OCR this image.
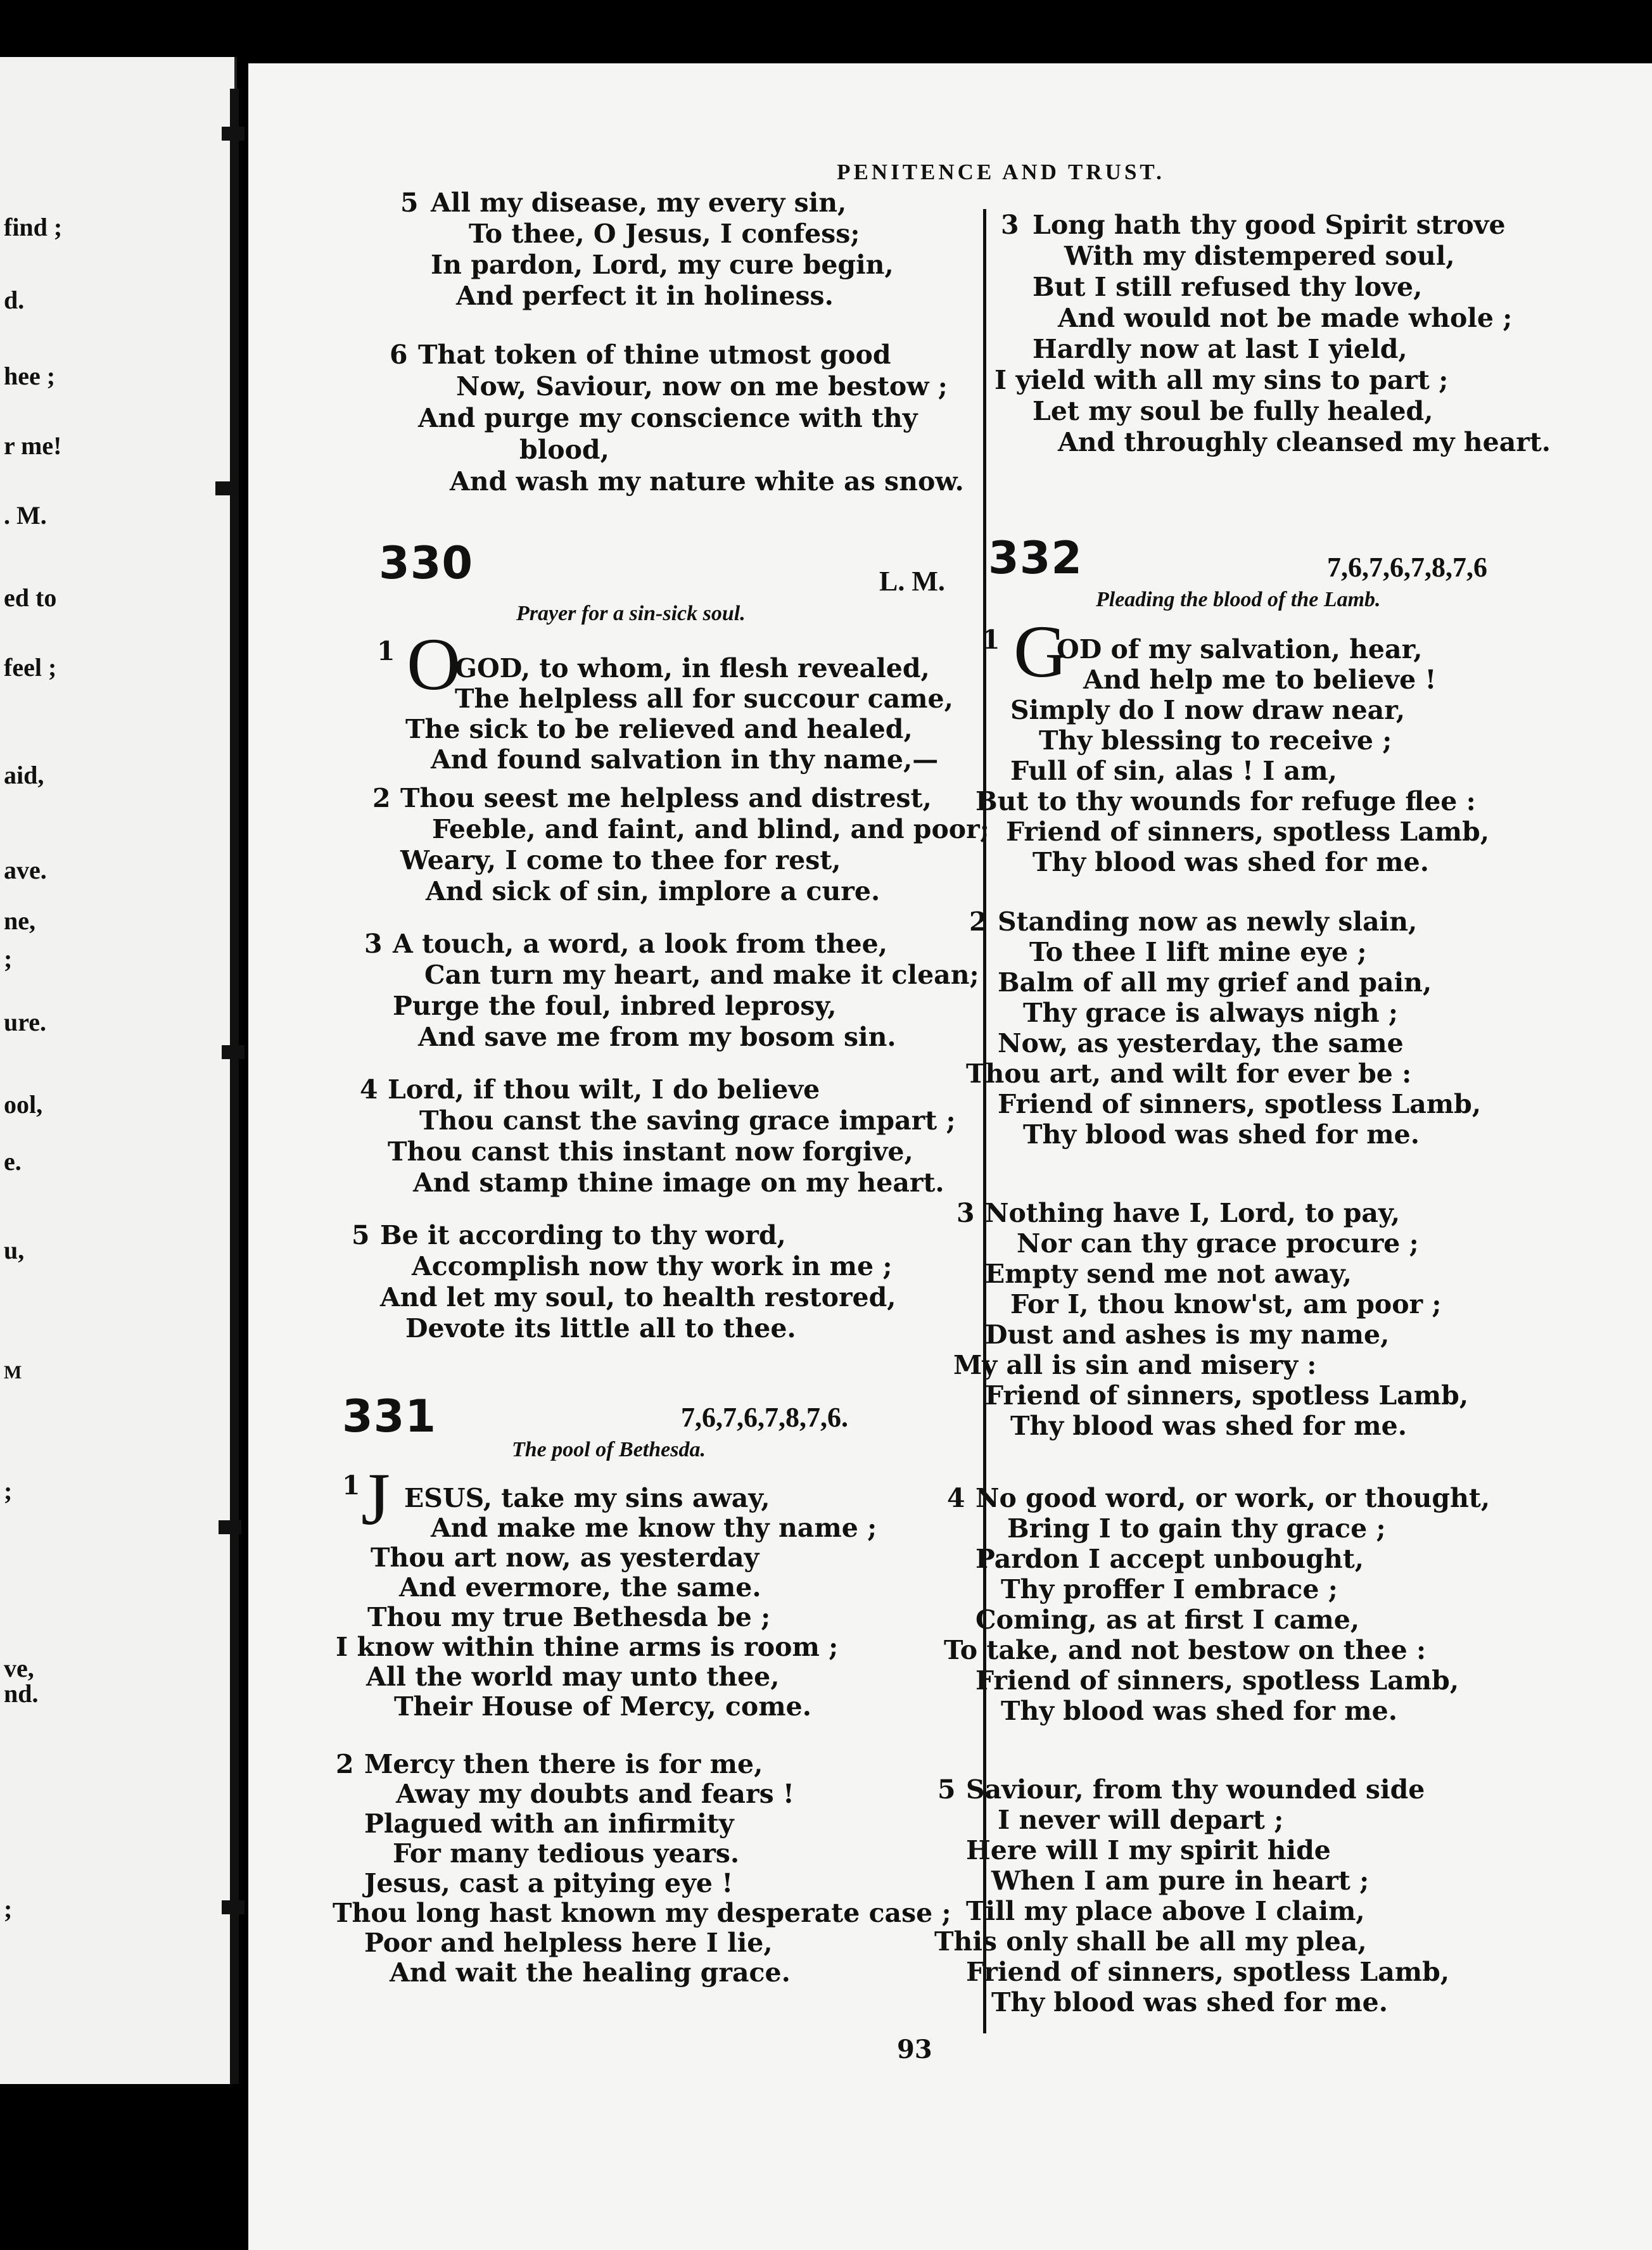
PENITENCE AND TRUST.
93
find ;
d.
hee ;
r me!
. M.
ed to
feel ;
aid,
ave.
ne,
;
ure.
ool,
e.
u,
M
;
ve,
nd.
;
5 All my disease, my every sin,
To thee, O Jesus, I confess;
In pardon, Lord, my cure begin,
And perfect it in holiness.
6 That token of thine utmost good
Now, Saviour, now on me bestow ;
And purge my conscience with thy
blood,
And wash my nature white as snow.
330	L. M.
Prayer for a sin-sick soul.
O
1
GOD, to whom, in flesh revealed,
The helpless all for succour came,
The sick to be relieved and healed,
And found salvation in thy name,—
2 Thou seest me helpless and distrest,
Feeble, and faint, and blind, and poor;
Weary, I come to thee for rest,
And sick of sin, implore a cure.
3 A touch, a word, a look from thee,
Can turn my heart, and make it clean;
Purge the foul, inbred leprosy,
And save me from my bosom sin.
4 Lord, if thou wilt, I do believe
Thou canst the saving grace impart ;
Thou canst this instant now forgive,
And stamp thine image on my heart.
5 Be it according to thy word,
Accomplish now thy work in me ;
And let my soul, to health restored,
Devote its little all to thee.
331	7,6,7,6,7,8,7,6.
The pool of Bethesda.
J
1 ESUS, take my sins away,
And make me know thy name ;
Thou art now, as yesterday
And evermore, the same.
Thou my true Bethesda be ;
I know within thine arms is room ;
All the world may unto thee,
Their House of Mercy, come.
2 Mercy then there is for me,
Away my doubts and fears !
Plagued with an infirmity
For many tedious years.
Jesus, cast a pitying eye !
Thou long hast known my desperate case ;
Poor and helpless here I lie,
And wait the healing grace.
3 Long hath thy good Spirit strove
With my distempered soul,
But I still refused thy love,
And would not be made whole ;
Hardly now at last I yield,
I yield with all my sins to part ;
Let my soul be fully healed,
And throughly cleansed my heart.
332	7,6,7,6,7,8,7,6
Pleading the blood of the Lamb.
G
1 OD of my salvation, hear,
And help me to believe !
Simply do I now draw near,
Thy blessing to receive ;
Full of sin, alas ! I am,
But to thy wounds for refuge flee :
Friend of sinners, spotless Lamb,
Thy blood was shed for me.
2 Standing now as newly slain,
To thee I lift mine eye ;
Balm of all my grief and pain,
Thy grace is always nigh ;
Now, as yesterday, the same
Thou art, and wilt for ever be :
Friend of sinners, spotless Lamb,
Thy blood was shed for me.
3 Nothing have I, Lord, to pay,
Nor can thy grace procure ;
Empty send me not away,
For I, thou know'st, am poor ;
Dust and ashes is my name,
My all is sin and misery :
Friend of sinners, spotless Lamb,
Thy blood was shed for me.
4 No good word, or work, or thought,
Bring I to gain thy grace ;
Pardon I accept unbought,
Thy proffer I embrace ;
Coming, as at first I came,
To take, and not bestow on thee :
Friend of sinners, spotless Lamb,
Thy blood was shed for me.
5 Saviour, from thy wounded side
I never will depart ;
Here will I my spirit hide
When I am pure in heart ;
Till my place above I claim,
This only shall be all my plea,
Friend of sinners, spotless Lamb,
Thy blood was shed for me.
